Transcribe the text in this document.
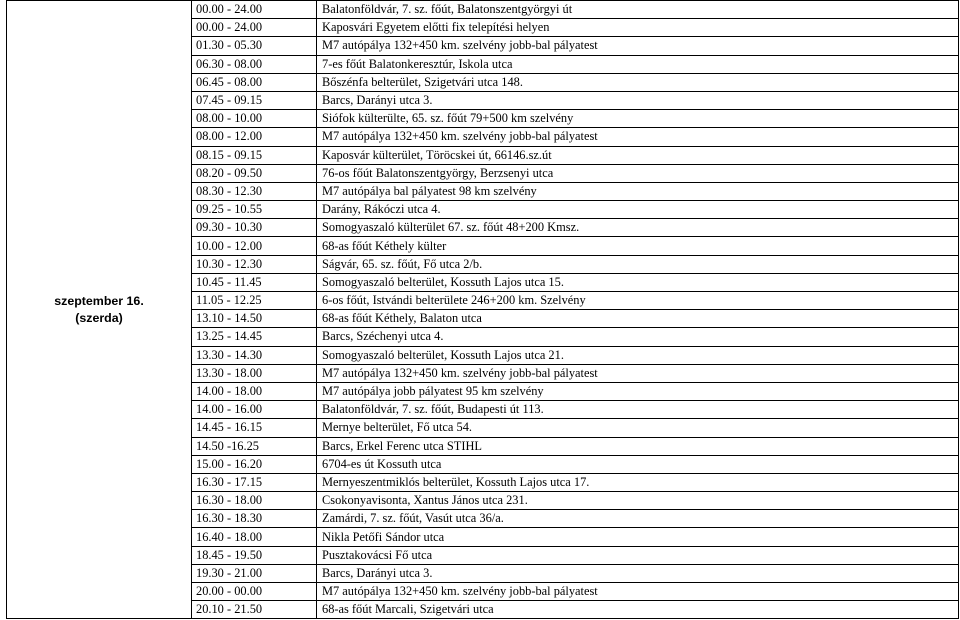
szeptember 16.
(szerda)	00.00 - 24.00	Balatonföldvár, 7. sz. főút, Balatonszentgyörgyi út
	00.00 - 24.00	Kaposvári Egyetem előtti fix telepítési helyen
	01.30 - 05.30	M7 autópálya 132+450 km. szelvény jobb-bal pályatest
	06.30 - 08.00	7-es főút Balatonkeresztúr, Iskola utca
	06.45 - 08.00	Bőszénfa belterület, Szigetvári utca 148.
	07.45 - 09.15	Barcs, Darányi utca 3.
	08.00 - 10.00	Siófok külterülte, 65. sz. főút 79+500 km szelvény
	08.00 - 12.00	M7 autópálya 132+450 km. szelvény jobb-bal pályatest
	08.15 - 09.15	Kaposvár külterület, Töröcskei út, 66146.sz.út
	08.20 - 09.50	76-os főút Balatonszentgyörgy, Berzsenyi utca
	08.30 - 12.30	M7 autópálya bal pályatest 98 km szelvény
	09.25 - 10.55	Darány, Rákóczi utca 4.
	09.30 - 10.30	Somogyaszaló külterület 67. sz. főút 48+200 Kmsz.
	10.00 - 12.00	68-as főút Kéthely külter
	10.30 - 12.30	Ságvár, 65. sz. főút, Fő utca 2/b.
	10.45 - 11.45	Somogyaszaló belterület, Kossuth Lajos utca 15.
	11.05 - 12.25	6-os főút, Istvándi belterülete 246+200 km. Szelvény
	13.10 - 14.50	68-as főút Kéthely, Balaton utca
	13.25 - 14.45	Barcs, Széchenyi utca 4.
	13.30 - 14.30	Somogyaszaló belterület, Kossuth Lajos utca 21.
	13.30 - 18.00	M7 autópálya 132+450 km. szelvény jobb-bal pályatest
	14.00 - 18.00	M7 autópálya jobb pályatest 95 km szelvény
	14.00 - 16.00	Balatonföldvár, 7. sz. főút, Budapesti út 113.
	14.45 - 16.15	Mernye belterület, Fő utca 54.
	14.50 -16.25	Barcs, Erkel Ferenc utca STIHL
	15.00 - 16.20	6704-es út Kossuth utca
	16.30 - 17.15	Mernyeszentmiklós belterület, Kossuth Lajos utca 17.
	16.30 - 18.00	Csokonyavisonta, Xantus János utca 231.
	16.30 - 18.30	Zamárdi, 7. sz. főút, Vasút utca 36/a.
	16.40 - 18.00	Nikla Petőfi Sándor utca
	18.45 - 19.50	Pusztakovácsi Fő utca
	19.30 - 21.00	Barcs, Darányi utca 3.
	20.00 - 00.00	M7 autópálya 132+450 km. szelvény jobb-bal pályatest
	20.10 - 21.50	68-as főút Marcali, Szigetvári utca
